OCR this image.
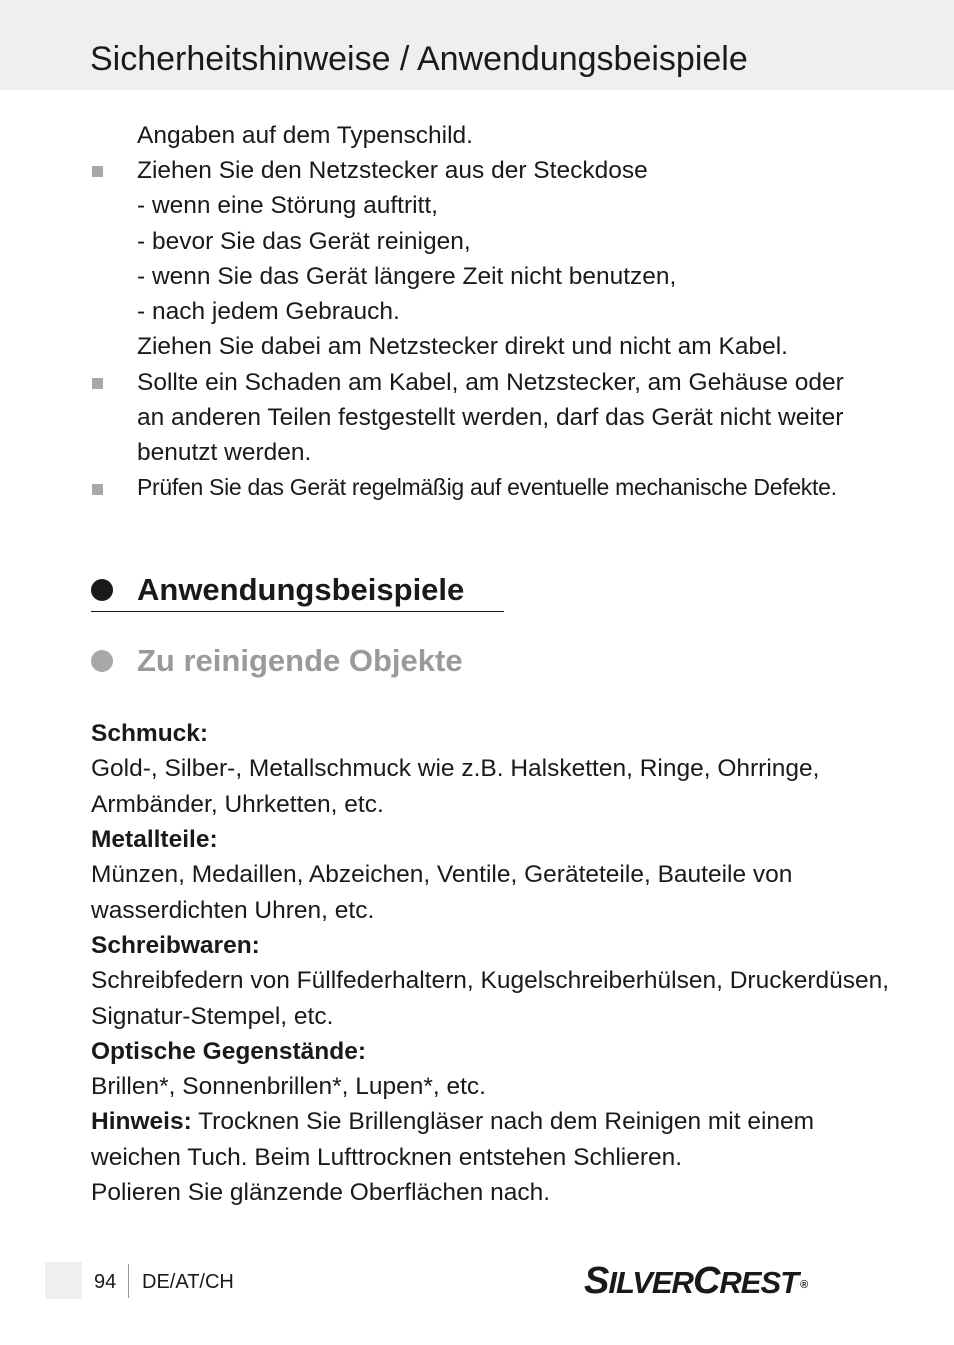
Sicherheitshinweise / Anwendungsbeispiele
Angaben auf dem Typenschild.
Ziehen Sie den Netzstecker aus der Steckdose
- wenn eine Störung auftritt,
- bevor Sie das Gerät reinigen,
- wenn Sie das Gerät längere Zeit nicht benutzen,
- nach jedem Gebrauch.
Ziehen Sie dabei am Netzstecker direkt und nicht am Kabel.
Sollte ein Schaden am Kabel, am Netzstecker, am Gehäuse oder
an anderen Teilen festgestellt werden, darf das Gerät nicht weiter
benutzt werden.
Prüfen Sie das Gerät regelmäßig auf eventuelle mechanische Defekte.
Anwendungsbeispiele
Zu reinigende Objekte
Schmuck:
Gold-, Silber-, Metallschmuck wie z.B. Halsketten, Ringe, Ohrringe,
Armbänder, Uhrketten, etc.
Metallteile:
Münzen, Medaillen, Abzeichen, Ventile, Geräteteile, Bauteile von
wasserdichten Uhren, etc.
Schreibwaren:
Schreibfedern von Füllfederhaltern, Kugelschreiberhülsen, Druckerdüsen,
Signatur-Stempel, etc.
Optische Gegenstände:
Brillen*, Sonnenbrillen*, Lupen*, etc.
Hinweis: Trocknen Sie Brillengläser nach dem Reinigen mit einem
weichen Tuch. Beim Lufttrocknen entstehen Schlieren.
Polieren Sie glänzende Oberflächen nach.
94 DE/AT/CH	SILVERCREST ®
